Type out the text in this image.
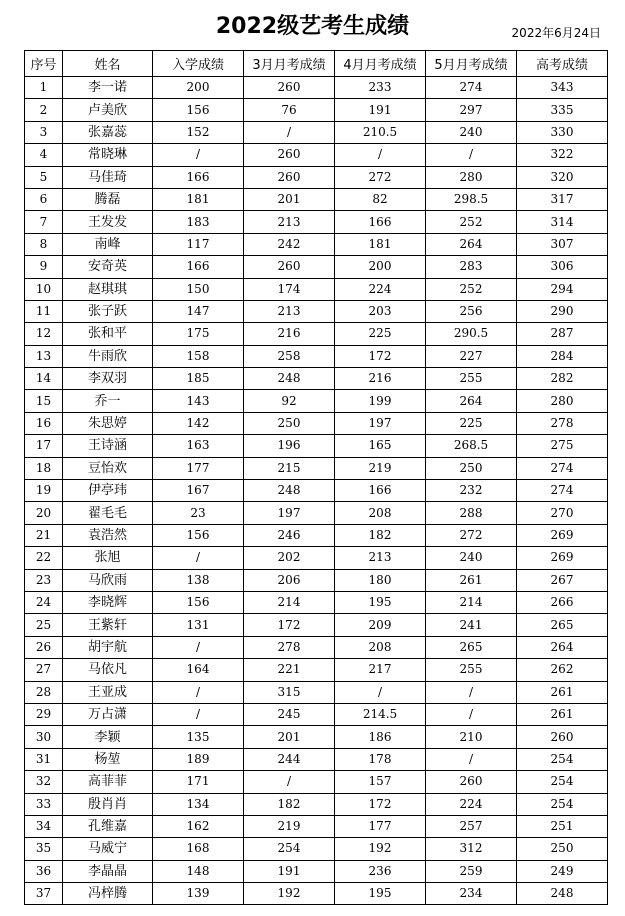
2022级艺考生成绩	2022年6月24日
序号	姓名	入学成绩	3月月考成绩	4月月考成绩	5月月考成绩	高考成绩
1	李一诺	200	260	233	274	343
2	卢美欣	156	76	191	297	335
3	张嘉蕊	152	/	210.5	240	330
4	常晓琳	/	260	/	/	322
5	马佳琦	166	260	272	280	320
6	腾磊	181	201	82	298.5	317
7	王发发	183	213	166	252	314
8	南峰	117	242	181	264	307
9	安奇英	166	260	200	283	306
10	赵琪琪	150	174	224	252	294
11	张子跃	147	213	203	256	290
12	张和平	175	216	225	290.5	287
13	牛雨欣	158	258	172	227	284
14	李双羽	185	248	216	255	282
15	乔一	143	92	199	264	280
16	朱思婷	142	250	197	225	278
17	王诗涵	163	196	165	268.5	275
18	豆怡欢	177	215	219	250	274
19	伊亭玮	167	248	166	232	274
20	翟毛毛	23	197	208	288	270
21	袁浩然	156	246	182	272	269
22	张旭	/	202	213	240	269
23	马欣雨	138	206	180	261	267
24	李晓辉	156	214	195	214	266
25	王紫轩	131	172	209	241	265
26	胡宇航	/	278	208	265	264
27	马依凡	164	221	217	255	262
28	王亚成	/	315	/	/	261
29	万占潇	/	245	214.5	/	261
30	李颖	135	201	186	210	260
31	杨堃	189	244	178	/	254
32	高菲菲	171	/	157	260	254
33	殷肖肖	134	182	172	224	254
34	孔维嘉	162	219	177	257	251
35	马威宁	168	254	192	312	250
36	李晶晶	148	191	236	259	249
37	冯梓腾	139	192	195	234	248
